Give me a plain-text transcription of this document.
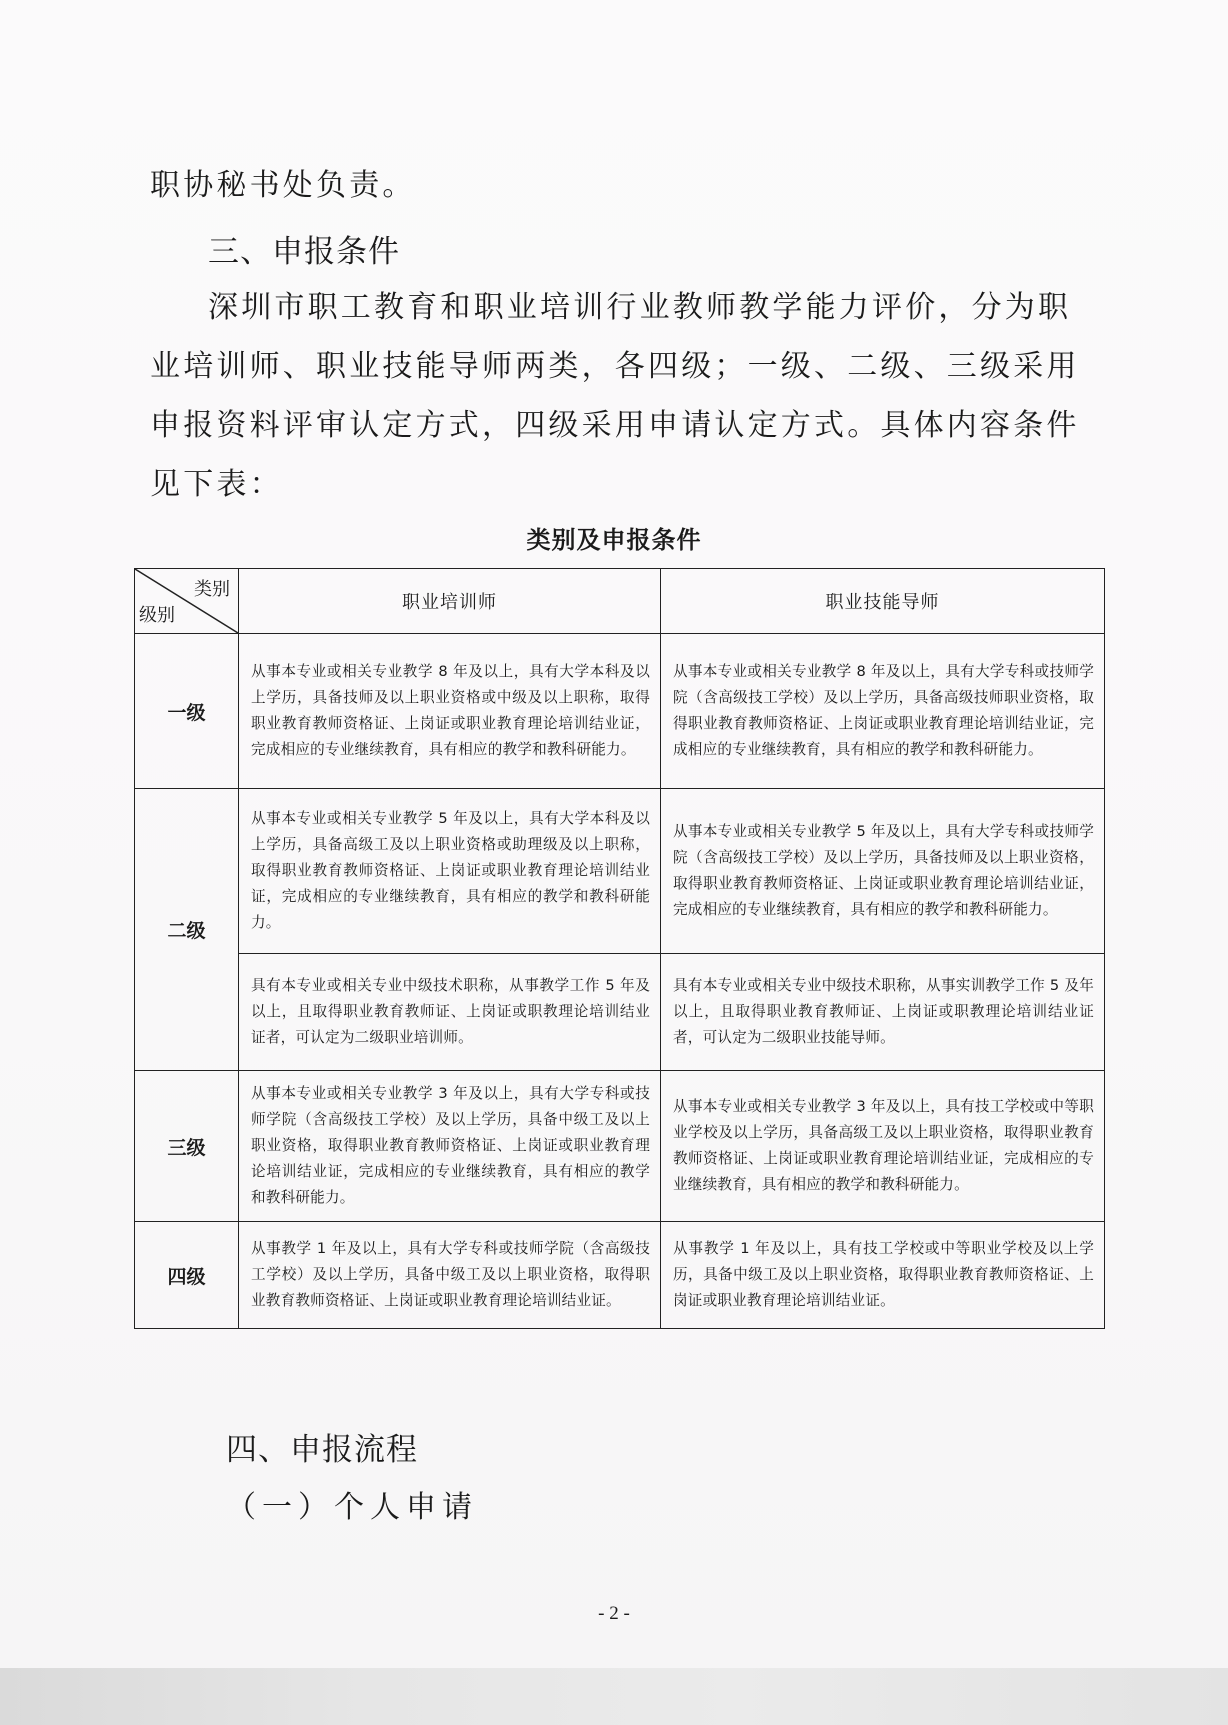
职协秘书处负责。
三、申报条件
深圳市职工教育和职业培训行业教师教学能力评价，分为职
业培训师、职业技能导师两类，各四级；一级、二级、三级采用
申报资料评审认定方式，四级采用申请认定方式。具体内容条件
见下表：
类别及申报条件
类别
级别	职业培训师	职业技能导师
一级	从事本专业或相关专业教学 8 年及以上，具有大学本科及以上学历，具备技师及以上职业资格或中级及以上职称，取得职业教育教师资格证、上岗证或职业教育理论培训结业证，完成相应的专业继续教育，具有相应的教学和教科研能力。	从事本专业或相关专业教学 8 年及以上，具有大学专科或技师学院（含高级技工学校）及以上学历，具备高级技师职业资格，取得职业教育教师资格证、上岗证或职业教育理论培训结业证，完成相应的专业继续教育，具有相应的教学和教科研能力。
二级	从事本专业或相关专业教学 5 年及以上，具有大学本科及以上学历，具备高级工及以上职业资格或助理级及以上职称，取得职业教育教师资格证、上岗证或职业教育理论培训结业证，完成相应的专业继续教育，具有相应的教学和教科研能力。	从事本专业或相关专业教学 5 年及以上，具有大学专科或技师学院（含高级技工学校）及以上学历，具备技师及以上职业资格，取得职业教育教师资格证、上岗证或职业教育理论培训结业证，完成相应的专业继续教育，具有相应的教学和教科研能力。
	具有本专业或相关专业中级技术职称，从事教学工作 5 年及以上，且取得职业教育教师证、上岗证或职教理论培训结业证者，可认定为二级职业培训师。	具有本专业或相关专业中级技术职称，从事实训教学工作 5 及年以上，且取得职业教育教师证、上岗证或职教理论培训结业证者，可认定为二级职业技能导师。
三级	从事本专业或相关专业教学 3 年及以上，具有大学专科或技师学院（含高级技工学校）及以上学历，具备中级工及以上职业资格，取得职业教育教师资格证、上岗证或职业教育理论培训结业证，完成相应的专业继续教育，具有相应的教学和教科研能力。	从事本专业或相关专业教学 3 年及以上，具有技工学校或中等职业学校及以上学历，具备高级工及以上职业资格，取得职业教育教师资格证、上岗证或职业教育理论培训结业证，完成相应的专业继续教育，具有相应的教学和教科研能力。
四级	从事教学 1 年及以上，具有大学专科或技师学院（含高级技工学校）及以上学历，具备中级工及以上职业资格，取得职业教育教师资格证、上岗证或职业教育理论培训结业证。	从事教学 1 年及以上，具有技工学校或中等职业学校及以上学历，具备中级工及以上职业资格，取得职业教育教师资格证、上岗证或职业教育理论培训结业证。
四、申报流程
（一）个人申请
- 2 -
